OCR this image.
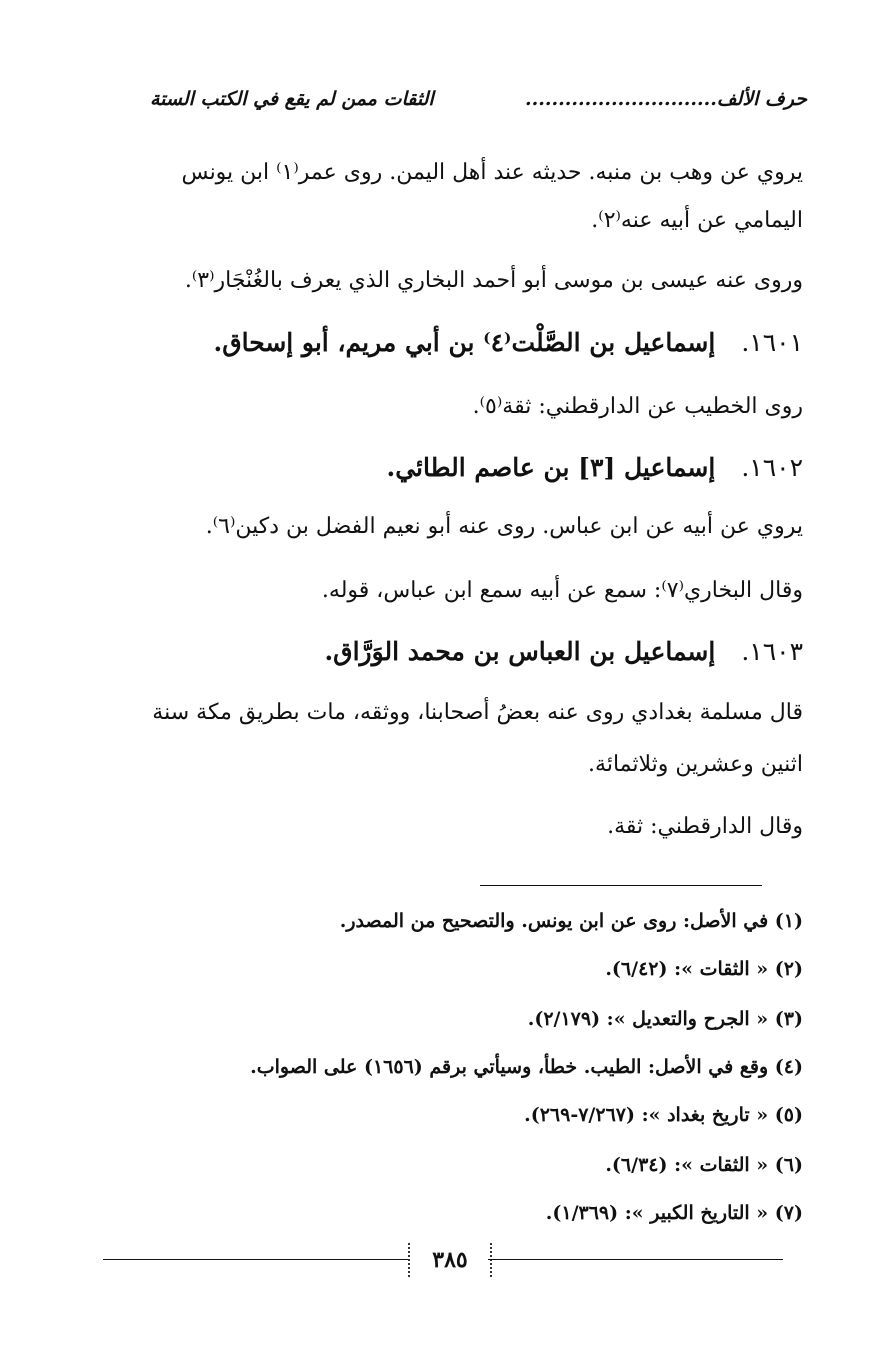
حرف الألف.............................
الثقات ممن لم يقع في الكتب الستة
يروي عن وهب بن منبه. حديثه عند أهل اليمن. روى عمر⁽١⁾ ابن يونس
اليمامي عن أبيه عنه⁽٢⁾.
وروى عنه عيسى بن موسى أبو أحمد البخاري الذي يعرف بالغُنْجَار⁽٣⁾.
١٦٠١.إسماعيل بن الصَّلْت⁽٤⁾ بن أبي مريم، أبو إسحاق.
روى الخطيب عن الدارقطني: ثقة⁽٥⁾.
١٦٠٢.إسماعيل [٣] بن عاصم الطائي.
يروي عن أبيه عن ابن عباس. روى عنه أبو نعيم الفضل بن دكين⁽٦⁾.
وقال البخاري⁽٧⁾: سمع عن أبيه سمع ابن عباس، قوله.
١٦٠٣.إسماعيل بن العباس بن محمد الوَرَّاق.
قال مسلمة بغدادي روى عنه بعضُ أصحابنا، ووثقه، مات بطريق مكة سنة
اثنين وعشرين وثلاثمائة.
وقال الدارقطني: ثقة.
(١) في الأصل: روى عن ابن يونس. والتصحيح من المصدر.
(٢) « الثقات »: (٦/٤٢).
(٣) « الجرح والتعديل »: (٢/١٧٩).
(٤) وقع في الأصل: الطيب. خطأ، وسيأتي برقم (١٦٥٦) على الصواب.
(٥) « تاريخ بغداد »: (٧/٢٦٧-٢٦٩).
(٦) « الثقات »: (٦/٣٤).
(٧) « التاريخ الكبير »: (١/٣٦٩).
٣٨٥
